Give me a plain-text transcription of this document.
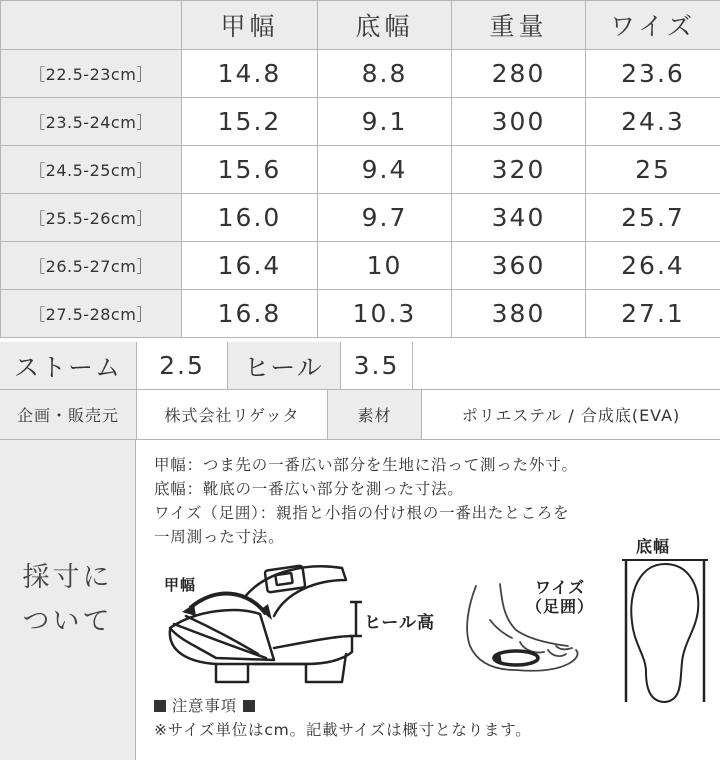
	甲幅	底幅	重量	ワイズ
［22.5-23cm］	14.8	8.8	280	23.6
［23.5-24cm］	15.2	9.1	300	24.3
［24.5-25cm］	15.6	9.4	320	25
［25.5-26cm］	16.0	9.7	340	25.7
［26.5-27cm］	16.4	10	360	26.4
［27.5-28cm］	16.8	10.3	380	27.1
ストーム	2.5	ヒール	3.5
企画・販売元	株式会社リゲッタ	素材	ポリエステル / 合成底(EVA)
採寸に
ついて
甲幅：つま先の一番広い部分を生地に沿って測った外寸。
底幅：靴底の一番広い部分を測った寸法。
ワイズ（足囲）：親指と小指の付け根の一番出たところを
一周測った寸法。
甲幅
ヒール高
ワイズ
（足囲）
底幅
注意事項
※サイズ単位はcm。記載サイズは概寸となります。
